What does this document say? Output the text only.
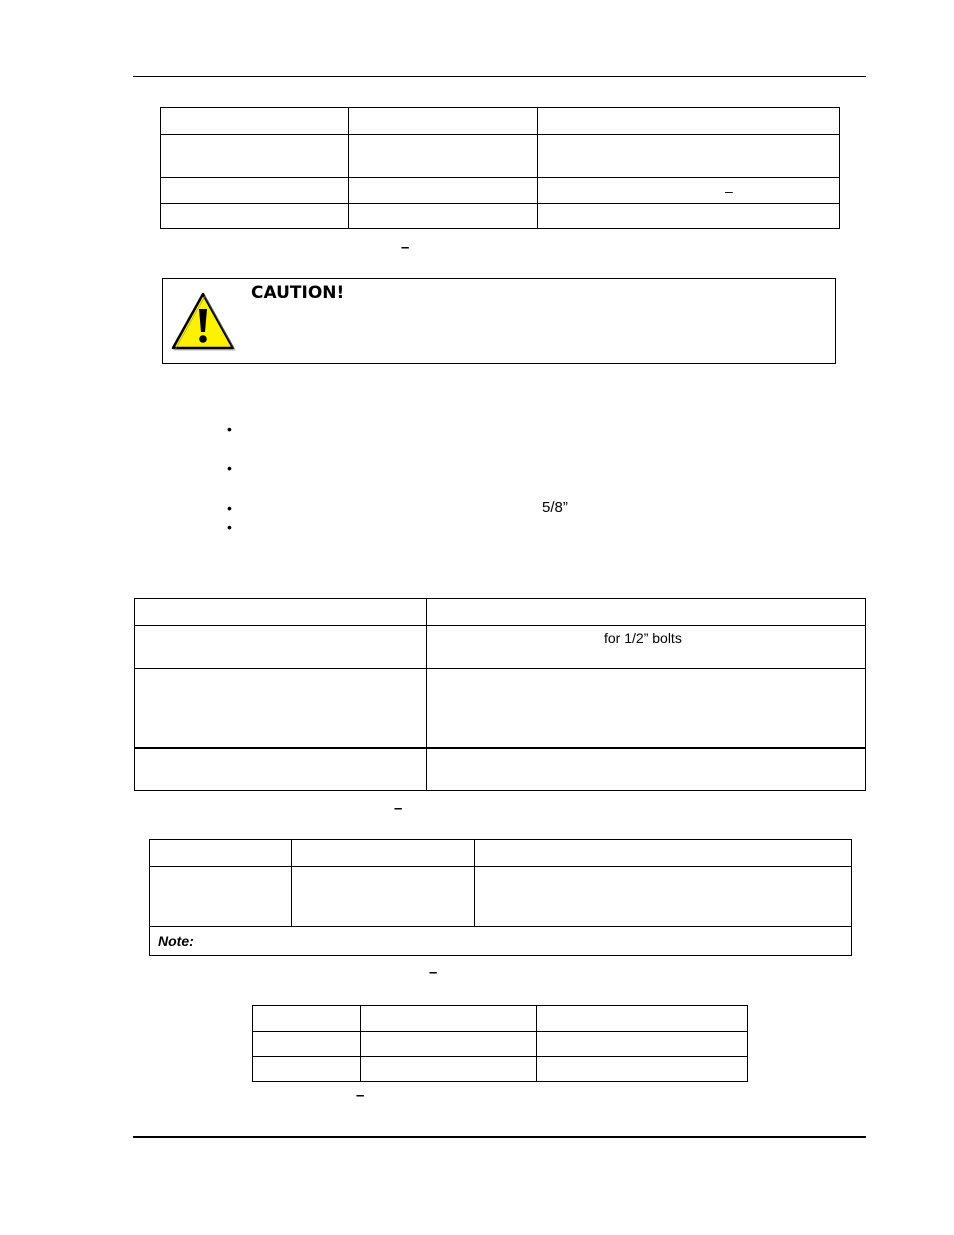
		–

–
CAUTION!
•
•
•	5/8”
•

	for 1/2” bolts

–

Note:		
–

–
